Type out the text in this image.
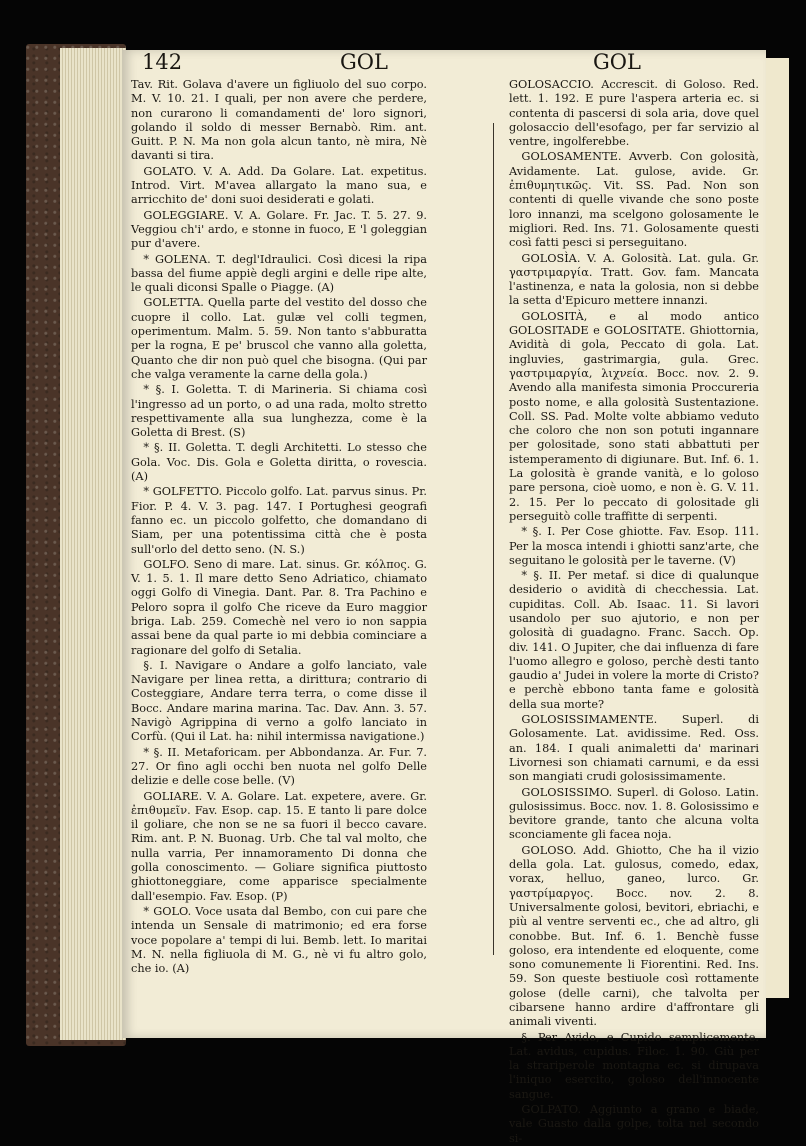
142	GOL	GOL

Tav. Rit. Golava d'avere un figliuolo del suo corpo. M. V. 10. 21. I quali, per non avere che perdere, non curarono li comandamenti de' loro signori, golando il soldo di messer Bernabò. Rim. ant. Guitt. P. N. Ma non gola alcun tanto, nè mira, Nè davanti si tira.

GOLATO. V. A. Add. Da Golare. Lat. expetitus. Introd. Virt. M'avea allargato la mano sua, e arricchito de' doni suoi desiderati e golati.

GOLEGGIARE. V. A. Golare. Fr. Jac. T. 5. 27. 9. Veggiou ch'i' ardo, e stonne in fuoco, E 'l goleggian pur d'avere.

* GOLENA. T. degl'Idraulici. Così dicesi la ripa bassa del fiume appiè degli argini e delle ripe alte, le quali diconsi Spalle o Piagge. (A)

GOLETTA. Quella parte del vestito del dosso che cuopre il collo. Lat. gulæ vel colli tegmen, operimentum. Malm. 5. 59. Non tanto s'abburatta per la rogna, E pe' bruscol che vanno alla goletta, Quanto che dir non può quel che bisogna. (Qui par che valga veramente la carne della gola.)

* §. I. Goletta. T. di Marineria. Si chiama così l'ingresso ad un porto, o ad una rada, molto stretto respettivamente alla sua lunghezza, come è la Goletta di Brest. (S)

* §. II. Goletta. T. degli Architetti. Lo stesso che Gola. Voc. Dis. Gola e Goletta diritta, o rovescia. (A)

* GOLFETTO. Piccolo golfo. Lat. parvus sinus. Pr. Fior. P. 4. V. 3. pag. 147. I Portughesi geografi fanno ec. un piccolo golfetto, che domandano di Siam, per una potentissima città che è posta sull'orlo del detto seno. (N. S.)

GOLFO. Seno di mare. Lat. sinus. Gr. κόλπος. G. V. 1. 5. 1. Il mare detto Seno Adriatico, chiamato oggi Golfo di Vinegia. Dant. Par. 8. Tra Pachino e Peloro sopra il golfo Che riceve da Euro maggior briga. Lab. 259. Comechè nel vero io non sappia assai bene da qual parte io mi debbia cominciare a ragionare del golfo di Setalia.

§. I. Navigare o Andare a golfo lanciato, vale Navigare per linea retta, a dirittura; contrario di Costeggiare, Andare terra terra, o come disse il Bocc. Andare marina marina. Tac. Dav. Ann. 3. 57. Navigò Agrippina di verno a golfo lanciato in Corfù. (Qui il Lat. ha: nihil intermissa navigatione.)

* §. II. Metaforicam. per Abbondanza. Ar. Fur. 7. 27. Or fino agli occhi ben nuota nel golfo Delle delizie e delle cose belle. (V)

GOLIARE. V. A. Golare. Lat. expetere, avere. Gr. ἐπιθυμεῖν. Fav. Esop. cap. 15. E tanto li pare dolce il goliare, che non se ne sa fuori il becco cavare. Rim. ant. P. N. Buonag. Urb. Che tal val molto, che nulla varria, Per innamoramento Di donna che golla conoscimento. — Goliare significa piuttosto ghiottoneggiare, come apparisce specialmente dall'esempio. Fav. Esop. (P)

* GOLO. Voce usata dal Bembo, con cui pare che intenda un Sensale di matrimonio; ed era forse voce popolare a' tempi di lui. Bemb. lett. Io maritai M. N. nella figliuola di M. G., nè vi fu altro golo, che io. (A)

GOLOSACCIO. Accrescit. di Goloso. Red. lett. 1. 192. E pure l'aspera arteria ec. si contenta di pascersi di sola aria, dove quel golosaccio dell'esofago, per far servizio al ventre, ingolferebbe.

GOLOSAMENTE. Avverb. Con golosità, Avidamente. Lat. gulose, avide. Gr. ἐπιθυμητικῶς. Vit. SS. Pad. Non son contenti di quelle vivande che sono poste loro innanzi, ma scelgono golosamente le migliori. Red. Ins. 71. Golosamente questi così fatti pesci si perseguitano.

GOLOSÌA. V. A. Golosità. Lat. gula. Gr. γαστριμαργία. Tratt. Gov. fam. Mancata l'astinenza, e nata la golosia, non si debbe la setta d'Epicuro mettere innanzi.

GOLOSITÀ, e al modo antico GOLOSITADE e GOLOSITATE. Ghiottornia, Avidità di gola, Peccato di gola. Lat. ingluvies, gastrimargia, gula. Grec. γαστριμαργία, λιχνεία. Bocc. nov. 2. 9. Avendo alla manifesta simonia Proccureria posto nome, e alla golosità Sustentazione. Coll. SS. Pad. Molte volte abbiamo veduto che coloro che non son potuti ingannare per golositade, sono stati abbattuti per istemperamento di digiunare. But. Inf. 6. 1. La golosità è grande vanità, e lo goloso pare persona, cioè uomo, e non è. G. V. 11. 2. 15. Per lo peccato di golositade gli perseguitò colle traffitte di serpenti.

* §. I. Per Cose ghiotte. Fav. Esop. 111. Per la mosca intendi i ghiotti sanz'arte, che seguitano le golosità per le taverne. (V)

* §. II. Per metaf. si dice di qualunque desiderio o avidità di checchessia. Lat. cupiditas. Coll. Ab. Isaac. 11. Si lavori usandolo per suo ajutorio, e non per golosità di guadagno. Franc. Sacch. Op. div. 141. O Jupiter, che dai influenza di fare l'uomo allegro e goloso, perchè desti tanto gaudio a' Judei in volere la morte di Cristo? e perchè ebbono tanta fame e golosità della sua morte?

GOLOSISSIMAMENTE. Superl. di Golosamente. Lat. avidissime. Red. Oss. an. 184. I quali animaletti da' marinari Livornesi son chiamati carnumi, e da essi son mangiati crudi golosissimamente.

GOLOSISSIMO. Superl. di Goloso. Latin. gulosissimus. Bocc. nov. 1. 8. Golosissimo e bevitore grande, tanto che alcuna volta sconciamente gli facea noja.

GOLOSO. Add. Ghiotto, Che ha il vizio della gola. Lat. gulosus, comedo, edax, vorax, helluo, ganeo, lurco. Gr. γαστρίμαργος. Bocc. nov. 2. 8. Universalmente golosi, bevitori, ebriachi, e più al ventre serventi ec., che ad altro, gli conobbe. But. Inf. 6. 1. Benchè fusse goloso, era intendente ed eloquente, come sono comunemente li Fiorentini. Red. Ins. 59. Son queste bestiuole così rottamente golose (delle carni), che talvolta per cibarsene hanno ardire d'affrontare gli animali viventi.

§. Per Avido, e Cupido semplicemente. Lat. avidus, cupidus. Filoc. 1. 90. Giù per la strariperole montagna ec. si dirupava l'iniquo esercito, goloso dell'innocente sangue.

GOLPATO. Aggiunto a grano e biade, vale Guasto dalla golpe, tolta nel secondo si-
